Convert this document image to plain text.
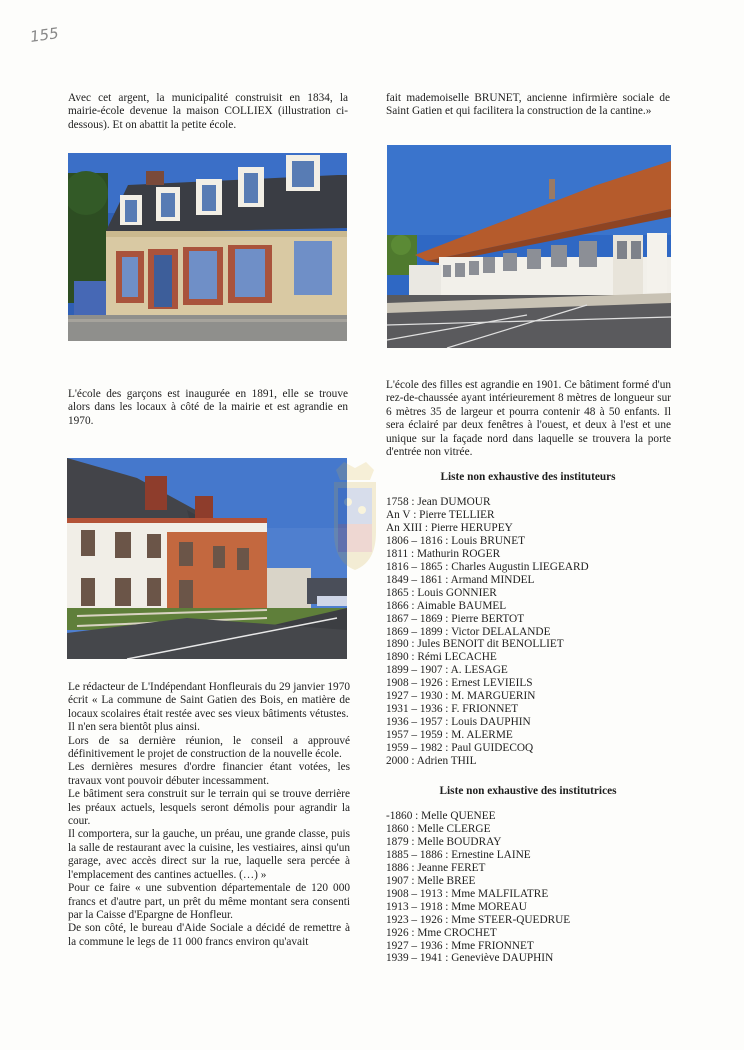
155

Avec cet argent, la municipalité construisit en 1834, la mairie-école devenue la maison COLLIEX (illustration ci-dessous). Et on abattit la petite école.

L'école des garçons est inaugurée en 1891, elle se trouve alors dans les locaux à côté de la mairie et est agrandie en 1970.

Le rédacteur de L'Indépendant Honfleurais du 29 janvier 1970 écrit « La commune de Saint Gatien des Bois, en matière de locaux scolaires était restée avec ses vieux bâtiments vétustes.

Il n'en sera bientôt plus ainsi.

Lors de sa dernière réunion, le conseil a approuvé définitivement le projet de construction de la nouvelle école.

Les dernières mesures d'ordre financier étant votées, les travaux vont pouvoir débuter incessamment.

Le bâtiment sera construit sur le terrain qui se trouve derrière les préaux actuels, lesquels seront démolis pour agrandir la cour.

Il comportera, sur la gauche, un préau, une grande classe, puis la salle de restaurant avec la cuisine, les vestiaires, ainsi qu'un garage, avec accès direct sur la rue, laquelle sera percée à l'emplacement des cantines actuelles. (…) »

Pour ce faire « une subvention départementale de 120 000 francs et d'autre part, un prêt du même montant sera consenti par la Caisse d'Epargne de Honfleur.

De son côté, le bureau d'Aide Sociale a décidé de remettre à la commune le legs de 11 000 francs environ qu'avait

fait mademoiselle BRUNET, ancienne infirmière sociale de Saint Gatien et qui facilitera la construction de la cantine.»

L'école des filles est agrandie en 1901. Ce bâtiment formé d'un rez-de-chaussée ayant intérieurement 8 mètres de longueur sur 6 mètres 35 de largeur et pourra contenir 48 à 50 enfants. Il sera éclairé par deux fenêtres à l'ouest, et deux à l'est et une unique sur la façade nord dans laquelle se trouvera la porte d'entrée non vitrée.

Liste non exhaustive des instituteurs
1758 : Jean DUMOUR
An V : Pierre TELLIER
An XIII : Pierre HERUPEY
1806 – 1816 : Louis BRUNET
1811 : Mathurin ROGER
1816 – 1865 : Charles Augustin LIEGEARD
1849 – 1861 : Armand MINDEL
1865 : Louis GONNIER
1866 : Aimable BAUMEL
1867 – 1869 : Pierre BERTOT
1869 – 1899 : Victor DELALANDE
1890 : Jules BENOIT dit BENOLLIET
1890 : Rémi LECACHE
1899 – 1907 : A. LESAGE
1908 – 1926 : Ernest LEVIEILS
1927 – 1930 : M. MARGUERIN
1931 – 1936 : F. FRIONNET
1936 – 1957 : Louis DAUPHIN
1957 – 1959 : M. ALERME
1959 – 1982 : Paul GUIDECOQ
2000 : Adrien THIL
Liste non exhaustive des institutrices
-1860 : Melle QUENEE
1860 : Melle CLERGE
1879 : Melle BOUDRAY
1885 – 1886 : Ernestine LAINE
1886 : Jeanne FERET
1907 : Melle BREE
1908 – 1913 : Mme MALFILATRE
1913 – 1918 : Mme MOREAU
1923 – 1926 : Mme STEER-QUEDRUE
1926 : Mme CROCHET
1927 – 1936 : Mme FRIONNET
1939 – 1941 : Geneviève DAUPHIN
